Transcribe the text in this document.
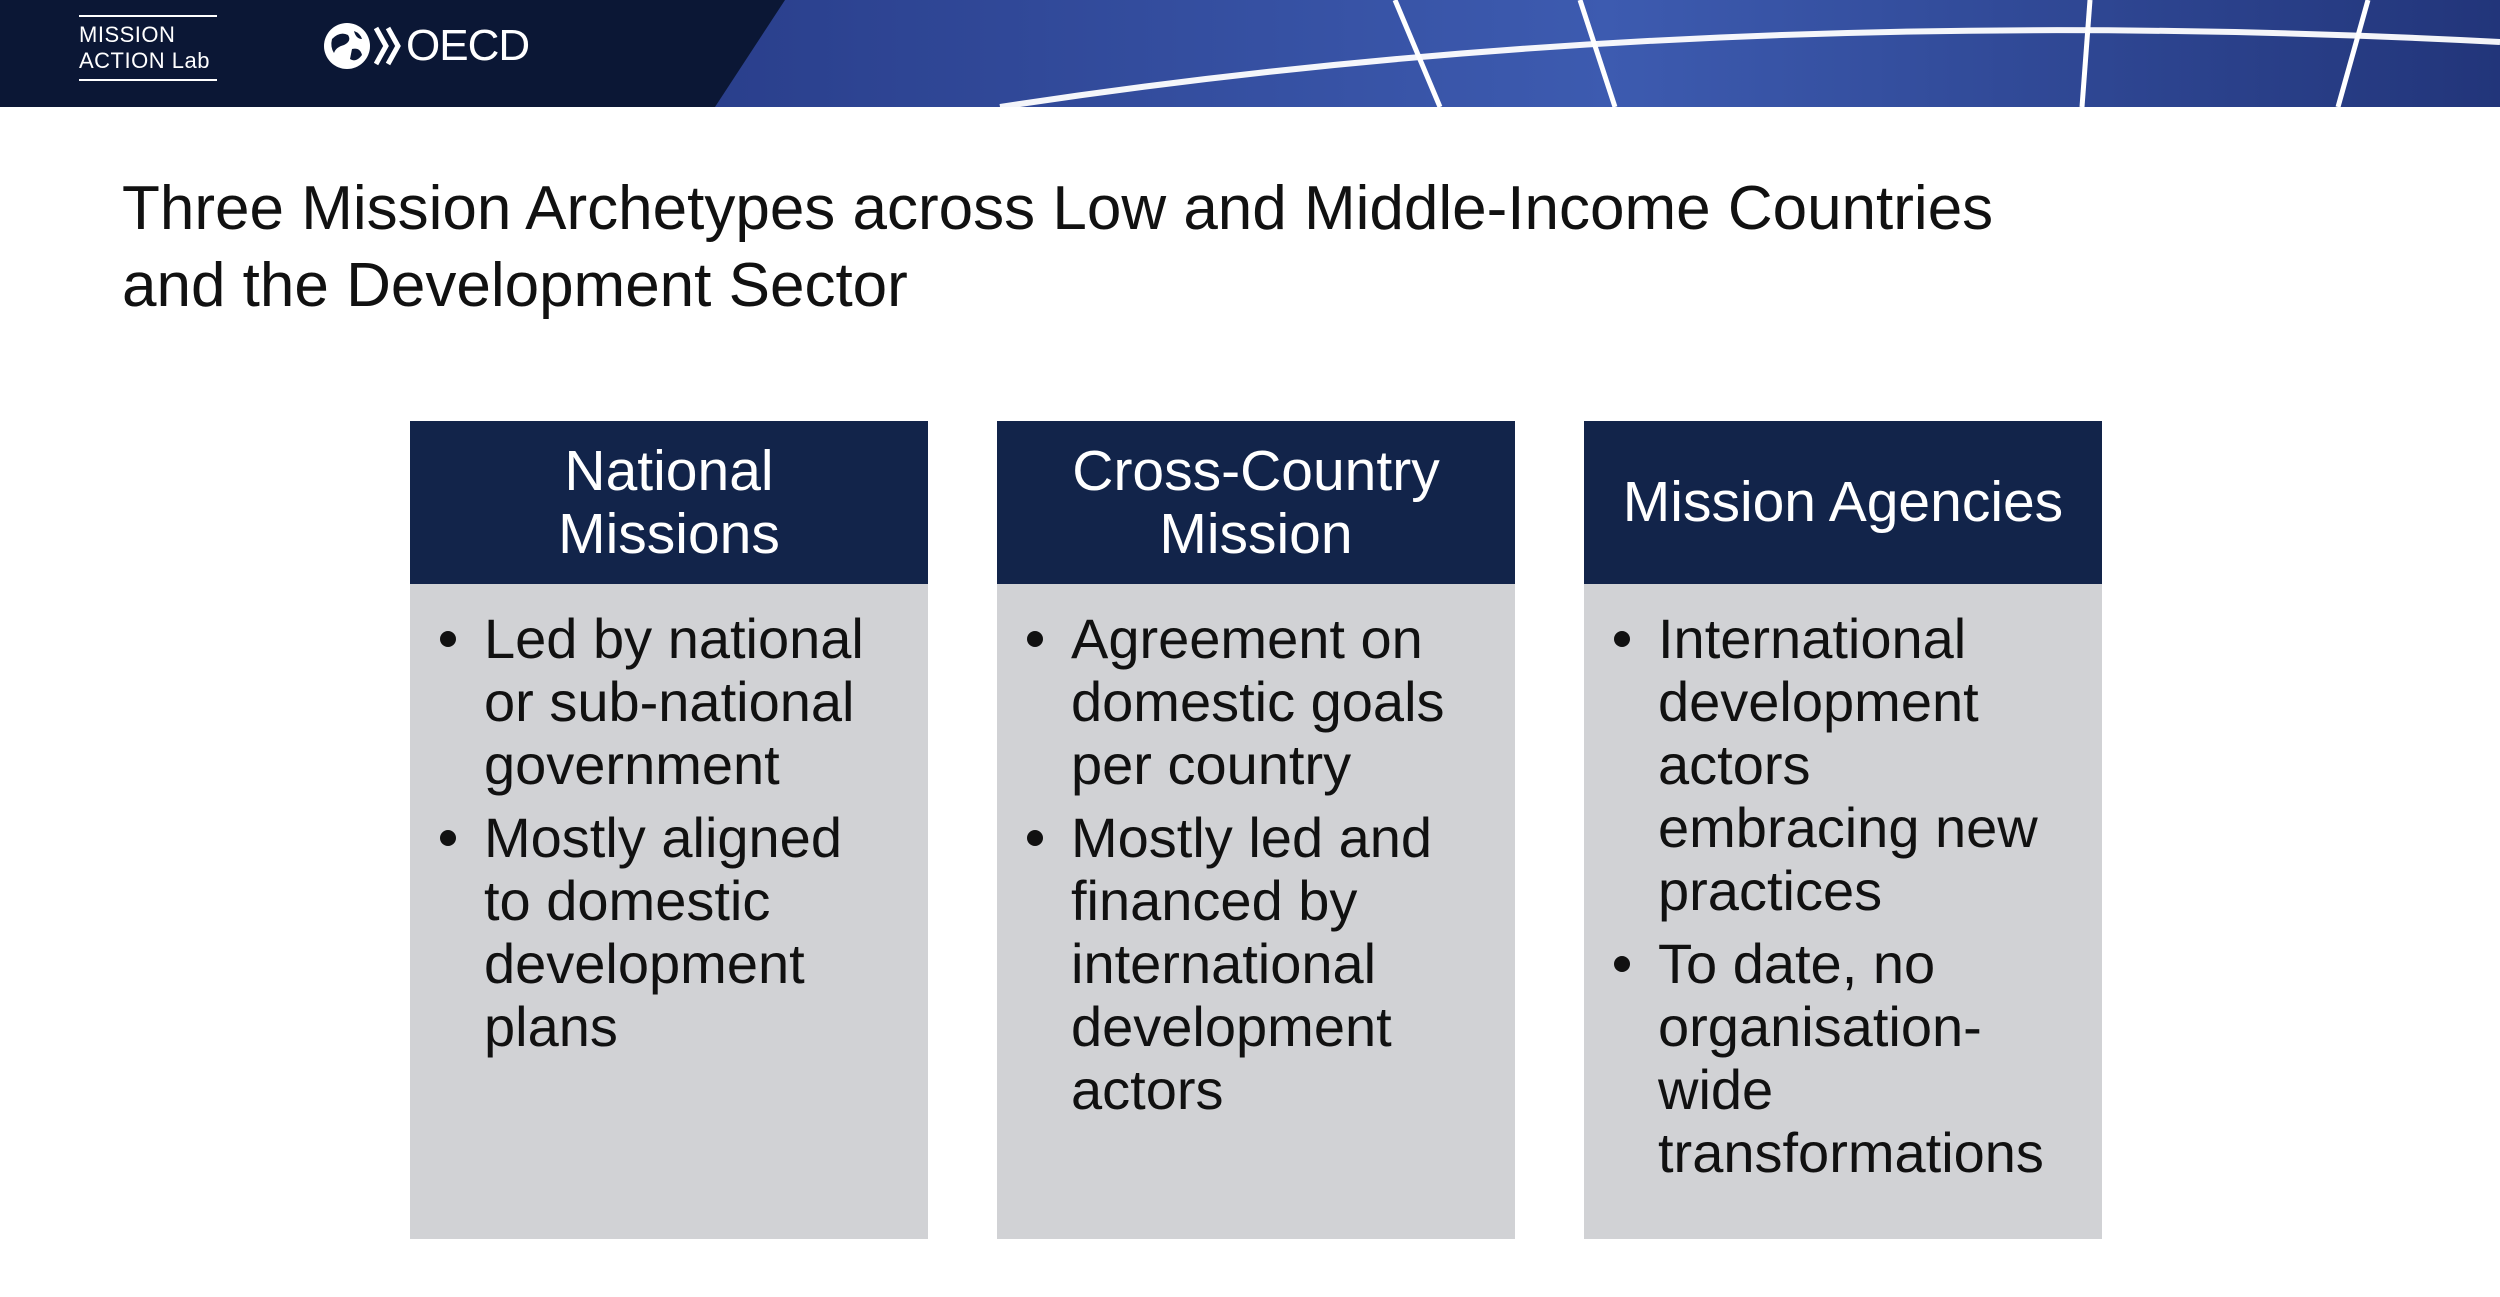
MISSION
ACTION Lab	OECD
Three Mission Archetypes across Low and Middle-Income Countries
and the Development Sector
National
Missions
Led by national
or sub-national
government
Mostly aligned
to domestic
development
plans
Cross-Country
Mission
Agreement on
domestic goals
per country
Mostly led and
financed by
international
development
actors
Mission Agencies
International
development
actors
embracing new
practices
To date, no
organisation-
wide
transformations
